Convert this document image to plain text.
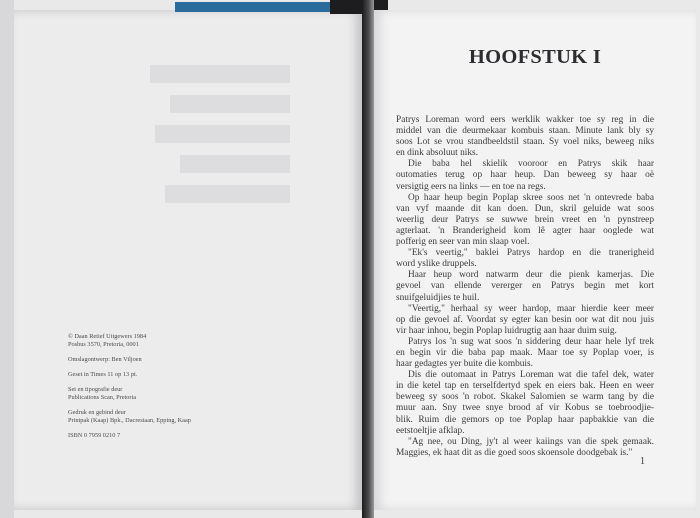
© Daan Retief Uitgewers 1984
Posbus 3570, Pretoria, 0001
Omslagontwerp: Ben Viljoen
Geset in Times 11 op 13 pt.
Set en tipografie deur
Publications Scan, Pretoria
Gedruk en gebind deur
Printpak (Kaap) Bpk., Dacresiaan, Epping, Kaap
ISBN 0 7959 0210 7
HOOFSTUK I
Patrys Loreman word eers werklik wakker toe sy reg in die
middel van die deurmekaar kombuis staan. Minute lank bly sy
soos Lot se vrou standbeeldstil staan. Sy voel niks, beweeg niks
en dink absoluut niks.
Die baba hel skielik vooroor en Patrys skik haar
outomaties terug op haar heup. Dan beweeg sy haar oë
versigtig eers na links — en toe na regs.
Op haar heup begin Poplap skree soos net 'n ontevrede baba
van vyf maande dit kan doen. Dun, skril geluide wat soos
weerlig deur Patrys se suwwe brein vreet en 'n pynstreep
agterlaat. 'n Branderigheid kom lê agter haar ooglede wat
pofferig en seer van min slaap voel.
"Ek's veertig," baklei Patrys hardop en die tranerigheid
word yslike druppels.
Haar heup word natwarm deur die pienk kamerjas. Die
gevoel van ellende vererger en Patrys begin met kort
snuifgeluidjies te huil.
"Veertig," herhaal sy weer hardop, maar hierdie keer meer
op die gevoel af. Voordat sy egter kan besin oor wat dit nou juis
vir haar inhou, begin Poplap luidrugtig aan haar duim suig.
Patrys los 'n sug wat soos 'n siddering deur haar hele lyf trek
en begin vir die baba pap maak. Maar toe sy Poplap voer, is
haar gedagtes yer buite die kombuis.
Dis die outomaat in Patrys Loreman wat die tafel dek, water
in die ketel tap en terselfdertyd spek en eiers bak. Heen en weer
beweeg sy soos 'n robot. Skakel Salomien se warm tang by die
muur aan. Sny twee snye brood af vir Kobus se toebroodjie-
blik. Ruim die gemors op toe Poplap haar papbakkie van die
eetstoeltjie afklap.
"Ag nee, ou Ding, jy't al weer kaiings van die spek gemaak.
Maggies, ek haat dit as die goed soos skoensole doodgebak is."
1
